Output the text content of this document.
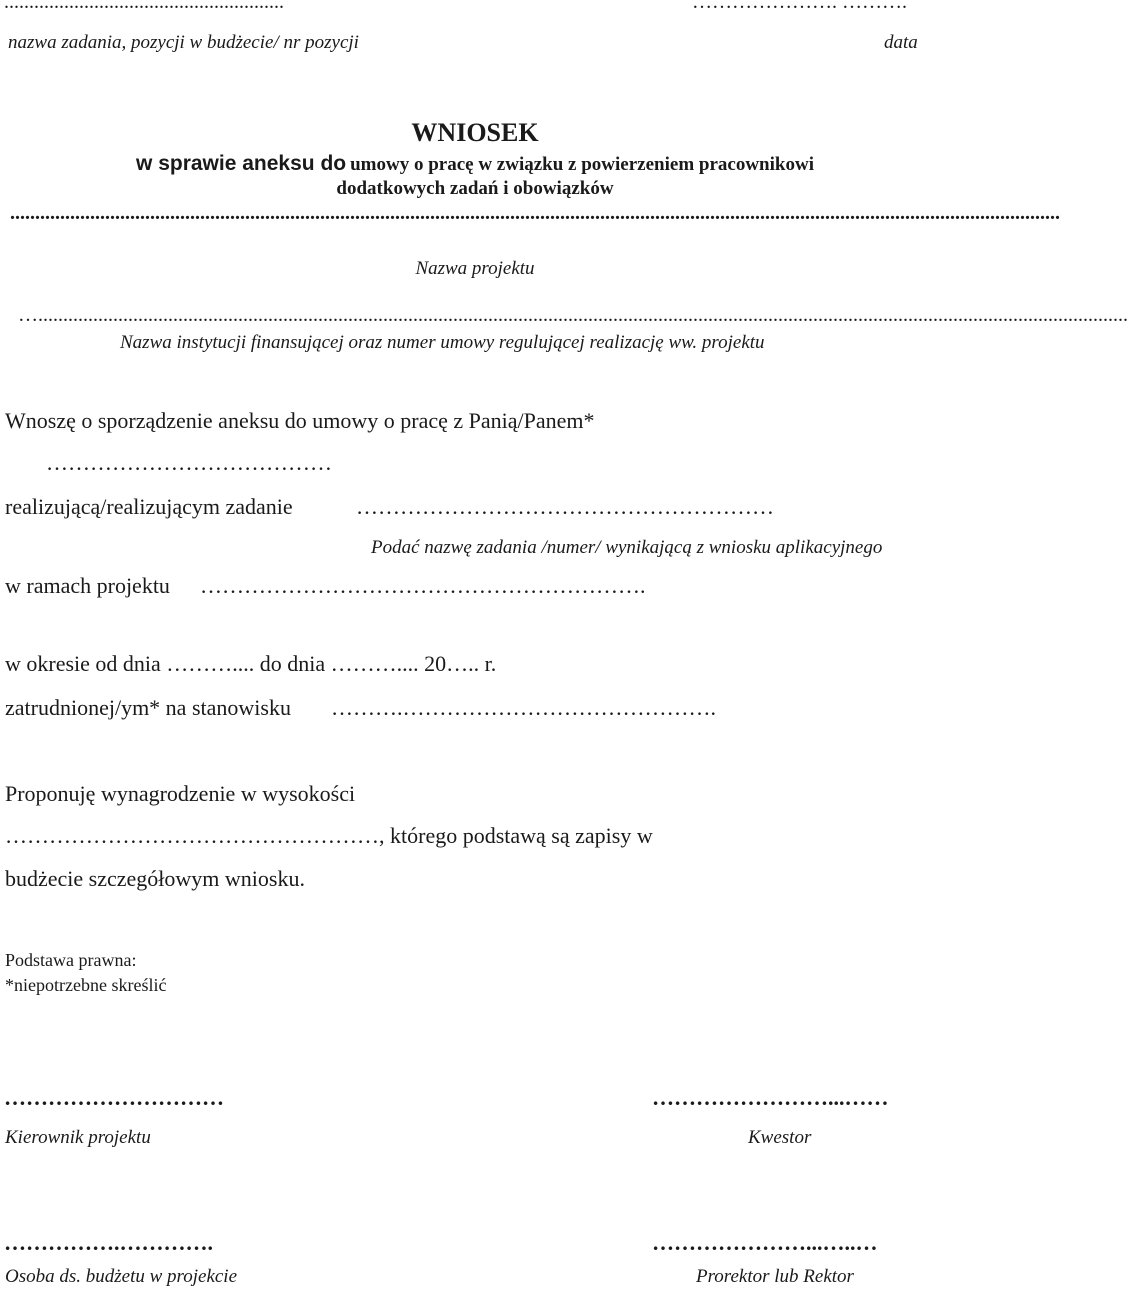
........................................................	…………………. ……….
nazwa zadania, pozycji w budżecie/ nr pozycji	data
WNIOSEK
w sprawie aneksu do umowy o pracę w związku z powierzeniem pracownikowi
dodatkowych zadań i obowiązków
..................................................................................................................................................................................................................
Nazwa projektu
…..........................................................................................................................................................................................................................
Nazwa instytucji finansującej oraz numer umowy regulującej realizację ww. projektu
Wnoszę o sporządzenie aneksu do umowy o pracę z Panią/Panem*
…………………………………
realizującą/realizującym zadanie	…………………………………………………
Podać nazwę zadania /numer/ wynikającą z wniosku aplikacyjnego
w ramach projektu …………………………………………………….
w okresie od dnia ……….... do dnia ……….... 20….. r.
zatrudnionej/ym* na stanowisku ……….…………………………………….
Proponuję wynagrodzenie w wysokości
……………………………………………, którego podstawą są zapisy w
budżecie szczegółowym wniosku.
Podstawa prawna:
*niepotrzebne skreślić
…………………………
Kierownik projektu
……………………...……
Kwestor
…………….………….
Osoba ds. budżetu w projekcie
…………………...…..…
Prorektor lub Rektor
